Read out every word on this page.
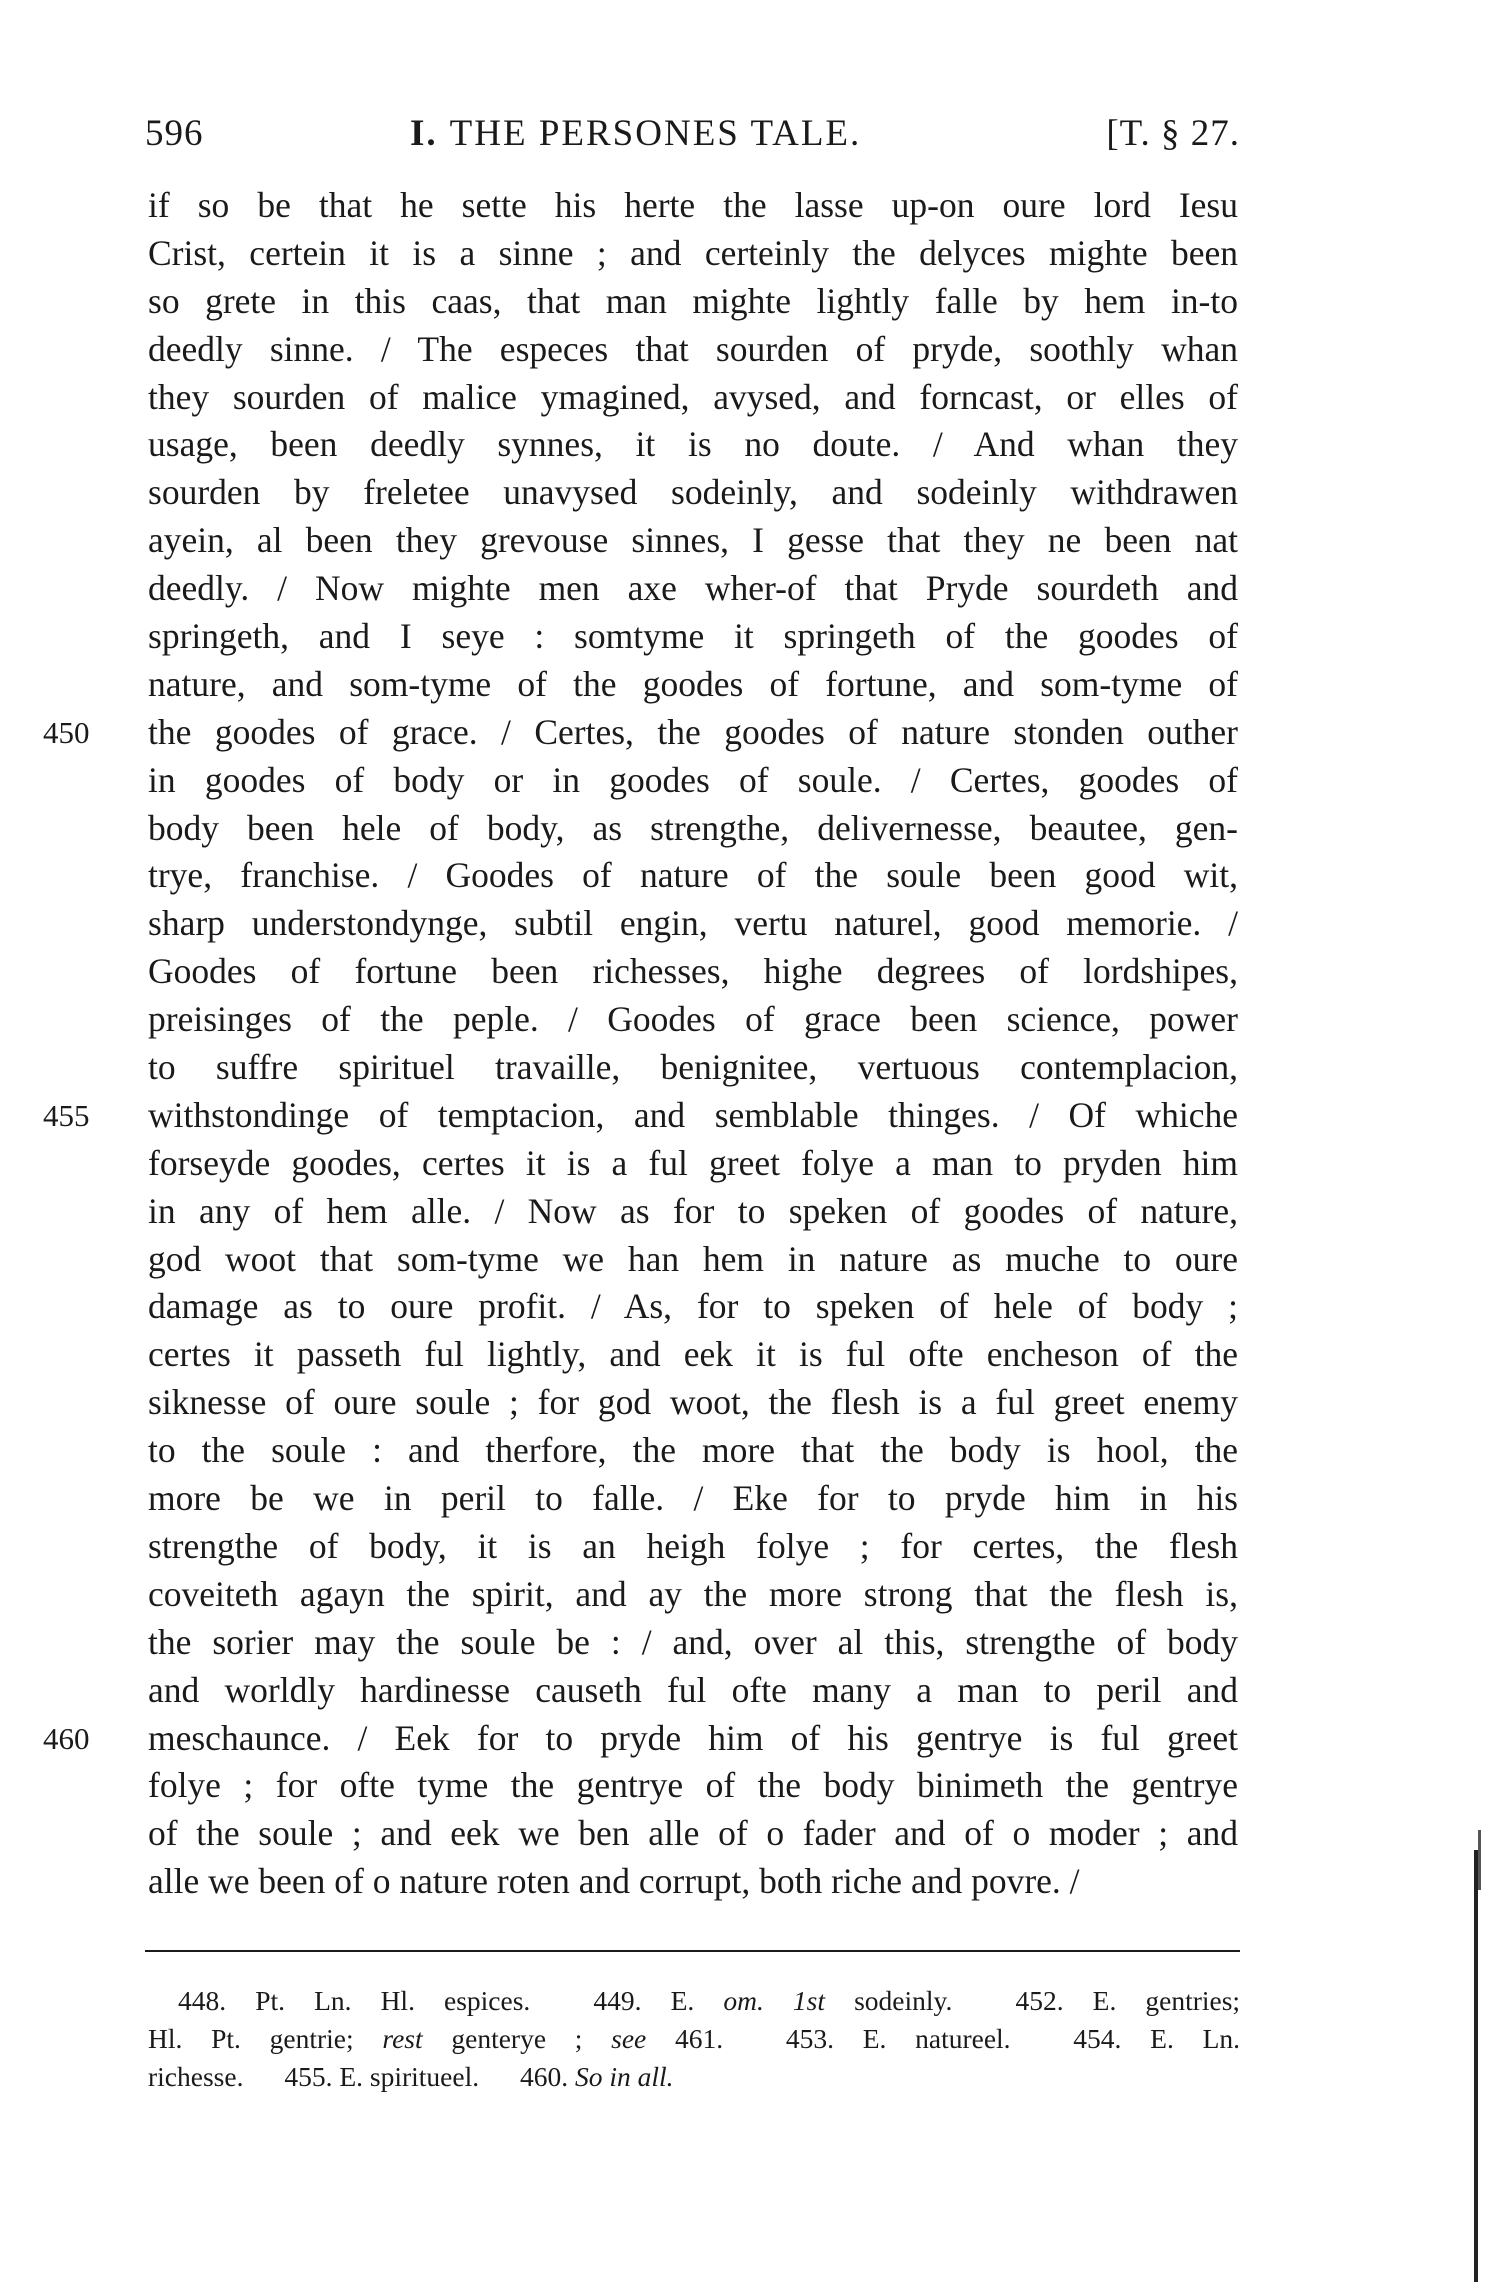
596	I. THE PERSONES TALE.	[T. § 27.
if so be that he sette his herte the lasse up-on oure lord Iesu
Crist, certein it is a sinne ; and certeinly the delyces mighte been
so grete in this caas, that man mighte lightly falle by hem in-to
deedly sinne. / The especes that sourden of pryde, soothly whan
they sourden of malice ymagined, avysed, and forncast, or elles of
usage, been deedly synnes, it is no doute. / And whan they
sourden by freletee unavysed sodeinly, and sodeinly withdrawen
ayein, al been they grevouse sinnes, I gesse that they ne been nat
deedly. / Now mighte men axe wher-of that Pryde sourdeth and
springeth, and I seye : somtyme it springeth of the goodes of
nature, and som-tyme of the goodes of fortune, and som-tyme of
450	the goodes of grace. / Certes, the goodes of nature stonden outher
in goodes of body or in goodes of soule. / Certes, goodes of
body been hele of body, as strengthe, delivernesse, beautee, gen-
trye, franchise. / Goodes of nature of the soule been good wit,
sharp understondynge, subtil engin, vertu naturel, good memorie. /
Goodes of fortune been richesses, highe degrees of lordshipes,
preisinges of the peple. / Goodes of grace been science, power
to suffre spirituel travaille, benignitee, vertuous contemplacion,
455	withstondinge of temptacion, and semblable thinges. / Of whiche
forseyde goodes, certes it is a ful greet folye a man to pryden him
in any of hem alle. / Now as for to speken of goodes of nature,
god woot that som-tyme we han hem in nature as muche to oure
damage as to oure profit. / As, for to speken of hele of body ;
certes it passeth ful lightly, and eek it is ful ofte encheson of the
siknesse of oure soule ; for god woot, the flesh is a ful greet enemy
to the soule : and therfore, the more that the body is hool, the
more be we in peril to falle. / Eke for to pryde him in his
strengthe of body, it is an heigh folye ; for certes, the flesh
coveiteth agayn the spirit, and ay the more strong that the flesh is,
the sorier may the soule be : / and, over al this, strengthe of body
and worldly hardinesse causeth ful ofte many a man to peril and
460	meschaunce. / Eek for to pryde him of his gentrye is ful greet
folye ; for ofte tyme the gentrye of the body binimeth the gentrye
of the soule ; and eek we ben alle of o fader and of o moder ; and
alle we been of o nature roten and corrupt, both riche and povre. /
448. Pt. Ln. Hl. espices. 449. E. om. 1st sodeinly. 452. E. gentries;
Hl. Pt. gentrie; rest genterye ; see 461. 453. E. natureel. 454. E. Ln.
richesse. 455. E. spiritueel. 460. So in all.
